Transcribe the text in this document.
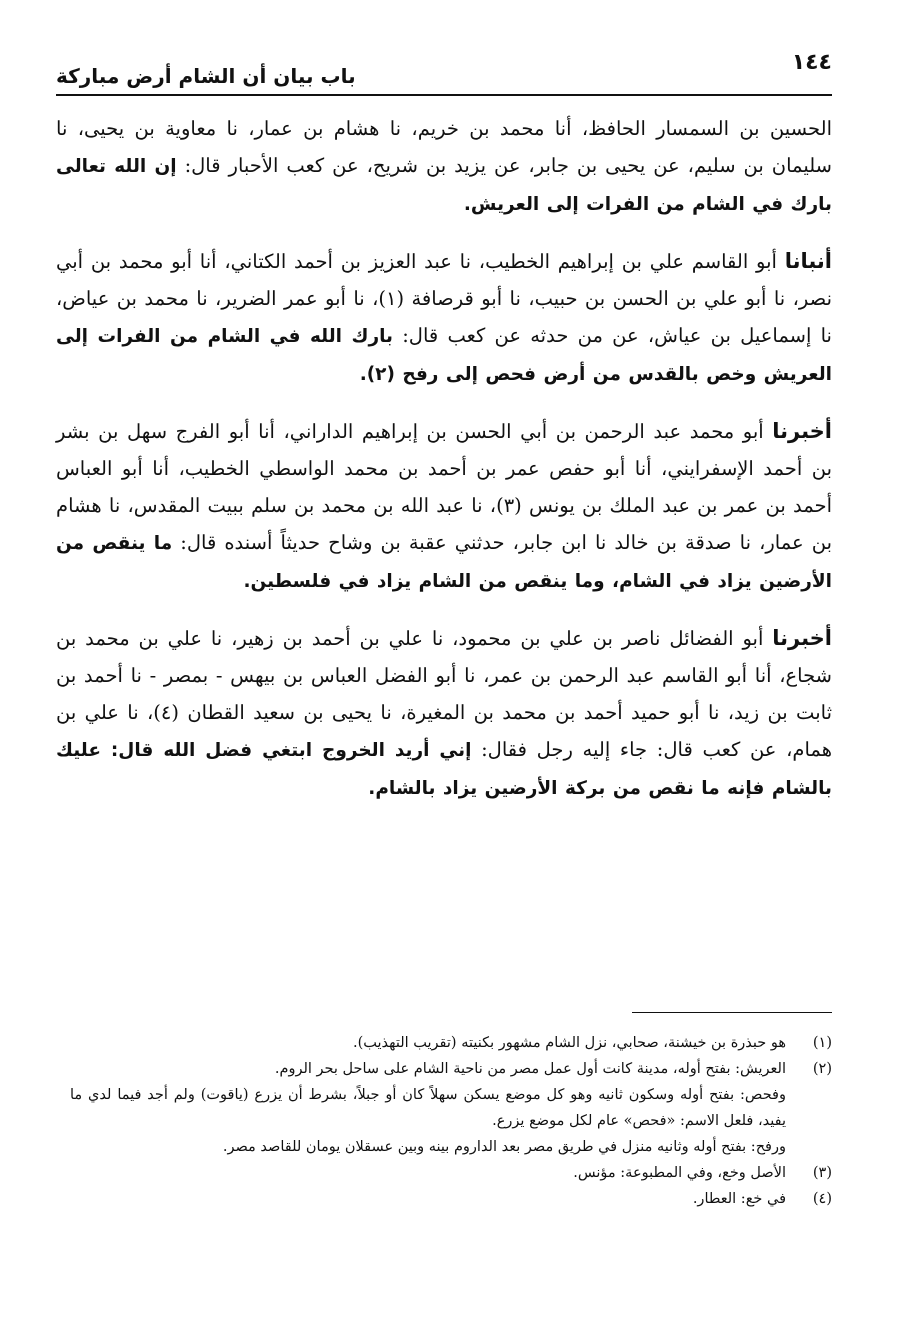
١٤٤
باب بيان أن الشام أرض مباركة

الحسين بن السمسار الحافظ، أنا محمد بن خريم، نا هشام بن عمار، نا معاوية بن يحيى، نا سليمان بن سليم، عن يحيى بن جابر، عن يزيد بن شريح، عن كعب الأحبار قال: إن الله تعالى بارك في الشام من الفرات إلى العريش.

أنبانا أبو القاسم علي بن إبراهيم الخطيب، نا عبد العزيز بن أحمد الكتاني، أنا أبو محمد بن أبي نصر، نا أبو علي بن الحسن بن حبيب، نا أبو قرصافة (١)، نا أبو عمر الضرير، نا محمد بن عياض، نا إسماعيل بن عياش، عن من حدثه عن كعب قال: بارك الله في الشام من الفرات إلى العريش وخص بالقدس من أرض فحص إلى رفح (٢).

أخبرنا أبو محمد عبد الرحمن بن أبي الحسن بن إبراهيم الداراني، أنا أبو الفرج سهل بن بشر بن أحمد الإسفرايني، أنا أبو حفص عمر بن أحمد بن محمد الواسطي الخطيب، أنا أبو العباس أحمد بن عمر بن عبد الملك بن يونس (٣)، نا عبد الله بن محمد بن سلم ببيت المقدس، نا هشام بن عمار، نا صدقة بن خالد نا ابن جابر، حدثني عقبة بن وشاح حديثاً أسنده قال: ما ينقص من الأرضين يزاد في الشام، وما ينقص من الشام يزاد في فلسطين.

أخبرنا أبو الفضائل ناصر بن علي بن محمود، نا علي بن أحمد بن زهير، نا علي بن محمد بن شجاع، أنا أبو القاسم عبد الرحمن بن عمر، نا أبو الفضل العباس بن بيهس - بمصر - نا أحمد بن ثابت بن زيد، نا أبو حميد أحمد بن محمد بن المغيرة، نا يحيى بن سعيد القطان (٤)، نا علي بن همام، عن كعب قال: جاء إليه رجل فقال: إني أريد الخروج ابتغي فضل الله قال: عليك بالشام فإنه ما نقص من بركة الأرضين يزاد بالشام.

(١)
هو حبذرة بن خيشنة، صحابي، نزل الشام مشهور بكنيته (تقريب التهذيب).
(٢)
العريش: بفتح أوله، مدينة كانت أول عمل مصر من ناحية الشام على ساحل بحر الروم.
وفحص: بفتح أوله وسكون ثانيه وهو كل موضع يسكن سهلاً كان أو جبلاً، بشرط أن يزرع (ياقوت) ولم أجد فيما لدي ما يفيد، فلعل الاسم: «فحص» عام لكل موضع يزرع.
ورفح: بفتح أوله وثانيه منزل في طريق مصر بعد الداروم بينه وبين عسقلان يومان للقاصد مصر.
(٣)
الأصل وخع، وفي المطبوعة: مؤنس.
(٤)
في خع: العطار.
